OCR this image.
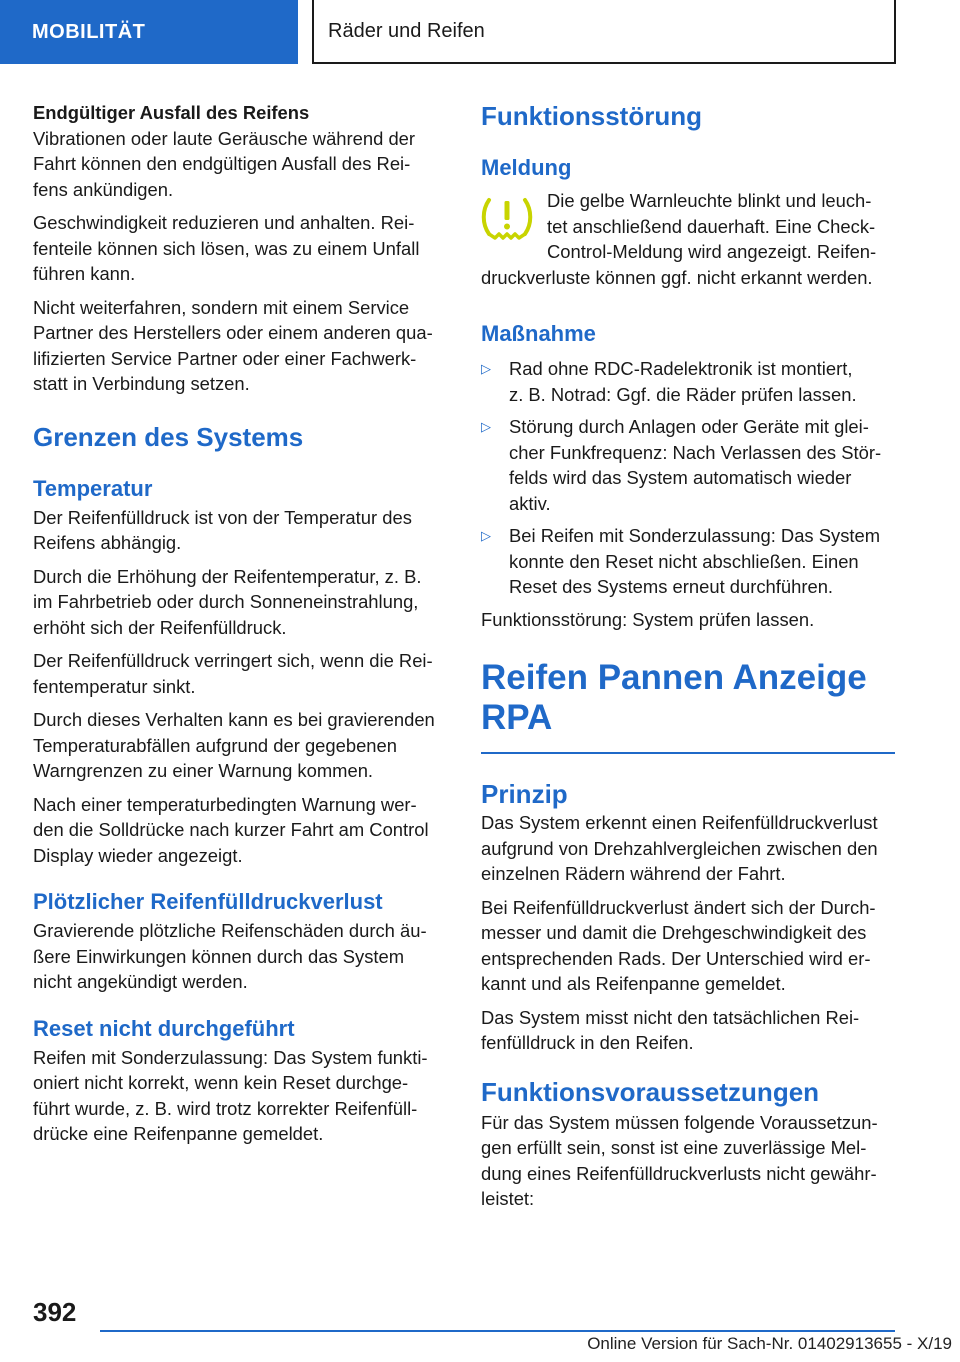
MOBILITÄT	Räder und Reifen
Endgültiger Ausfall des Reifens

Vibrationen oder laute Geräusche während der
Fahrt können den endgültigen Ausfall des Rei-
fens ankündigen.

Geschwindigkeit reduzieren und anhalten. Rei-
fenteile können sich lösen, was zu einem Unfall
führen kann.

Nicht weiterfahren, sondern mit einem Service
Partner des Herstellers oder einem anderen qua-
lifizierten Service Partner oder einer Fachwerk-
statt in Verbindung setzen.

Grenzen des Systems
Temperatur

Der Reifenfülldruck ist von der Temperatur des
Reifens abhängig.

Durch die Erhöhung der Reifentemperatur, z. B.
im Fahrbetrieb oder durch Sonneneinstrahlung,
erhöht sich der Reifenfülldruck.

Der Reifenfülldruck verringert sich, wenn die Rei-
fentemperatur sinkt.

Durch dieses Verhalten kann es bei gravierenden
Temperaturabfällen aufgrund der gegebenen
Warngrenzen zu einer Warnung kommen.

Nach einer temperaturbedingten Warnung wer-
den die Solldrücke nach kurzer Fahrt am Control
Display wieder angezeigt.

Plötzlicher Reifenfülldruckverlust

Gravierende plötzliche Reifenschäden durch äu-
ßere Einwirkungen können durch das System
nicht angekündigt werden.

Reset nicht durchgeführt

Reifen mit Sonderzulassung: Das System funkti-
oniert nicht korrekt, wenn kein Reset durchge-
führt wurde, z. B. wird trotz korrekter Reifenfüll-
drücke eine Reifenpanne gemeldet.

Funktionsstörung
Meldung

Die gelbe Warnleuchte blinkt und leuch-
tet anschließend dauerhaft. Eine Check-
Control-Meldung wird angezeigt. Reifen-
druckverluste können ggf. nicht erkannt werden.

Maßnahme
▷ Rad ohne RDC-Radelektronik ist montiert,
z. B. Notrad: Ggf. die Räder prüfen lassen.
▷ Störung durch Anlagen oder Geräte mit glei-
cher Funkfrequenz: Nach Verlassen des Stör-
felds wird das System automatisch wieder
aktiv.
▷ Bei Reifen mit Sonderzulassung: Das System
konnte den Reset nicht abschließen. Einen
Reset des Systems erneut durchführen.

Funktionsstörung: System prüfen lassen.

Reifen Pannen Anzeige
RPA
Prinzip

Das System erkennt einen Reifenfülldruckverlust
aufgrund von Drehzahlvergleichen zwischen den
einzelnen Rädern während der Fahrt.

Bei Reifenfülldruckverlust ändert sich der Durch-
messer und damit die Drehgeschwindigkeit des
entsprechenden Rads. Der Unterschied wird er-
kannt und als Reifenpanne gemeldet.

Das System misst nicht den tatsächlichen Rei-
fenfülldruck in den Reifen.

Funktionsvoraussetzungen

Für das System müssen folgende Voraussetzun-
gen erfüllt sein, sonst ist eine zuverlässige Mel-
dung eines Reifenfülldruckverlusts nicht gewähr-
leistet:

392
Online Version für Sach-Nr. 01402913655 - X/19
